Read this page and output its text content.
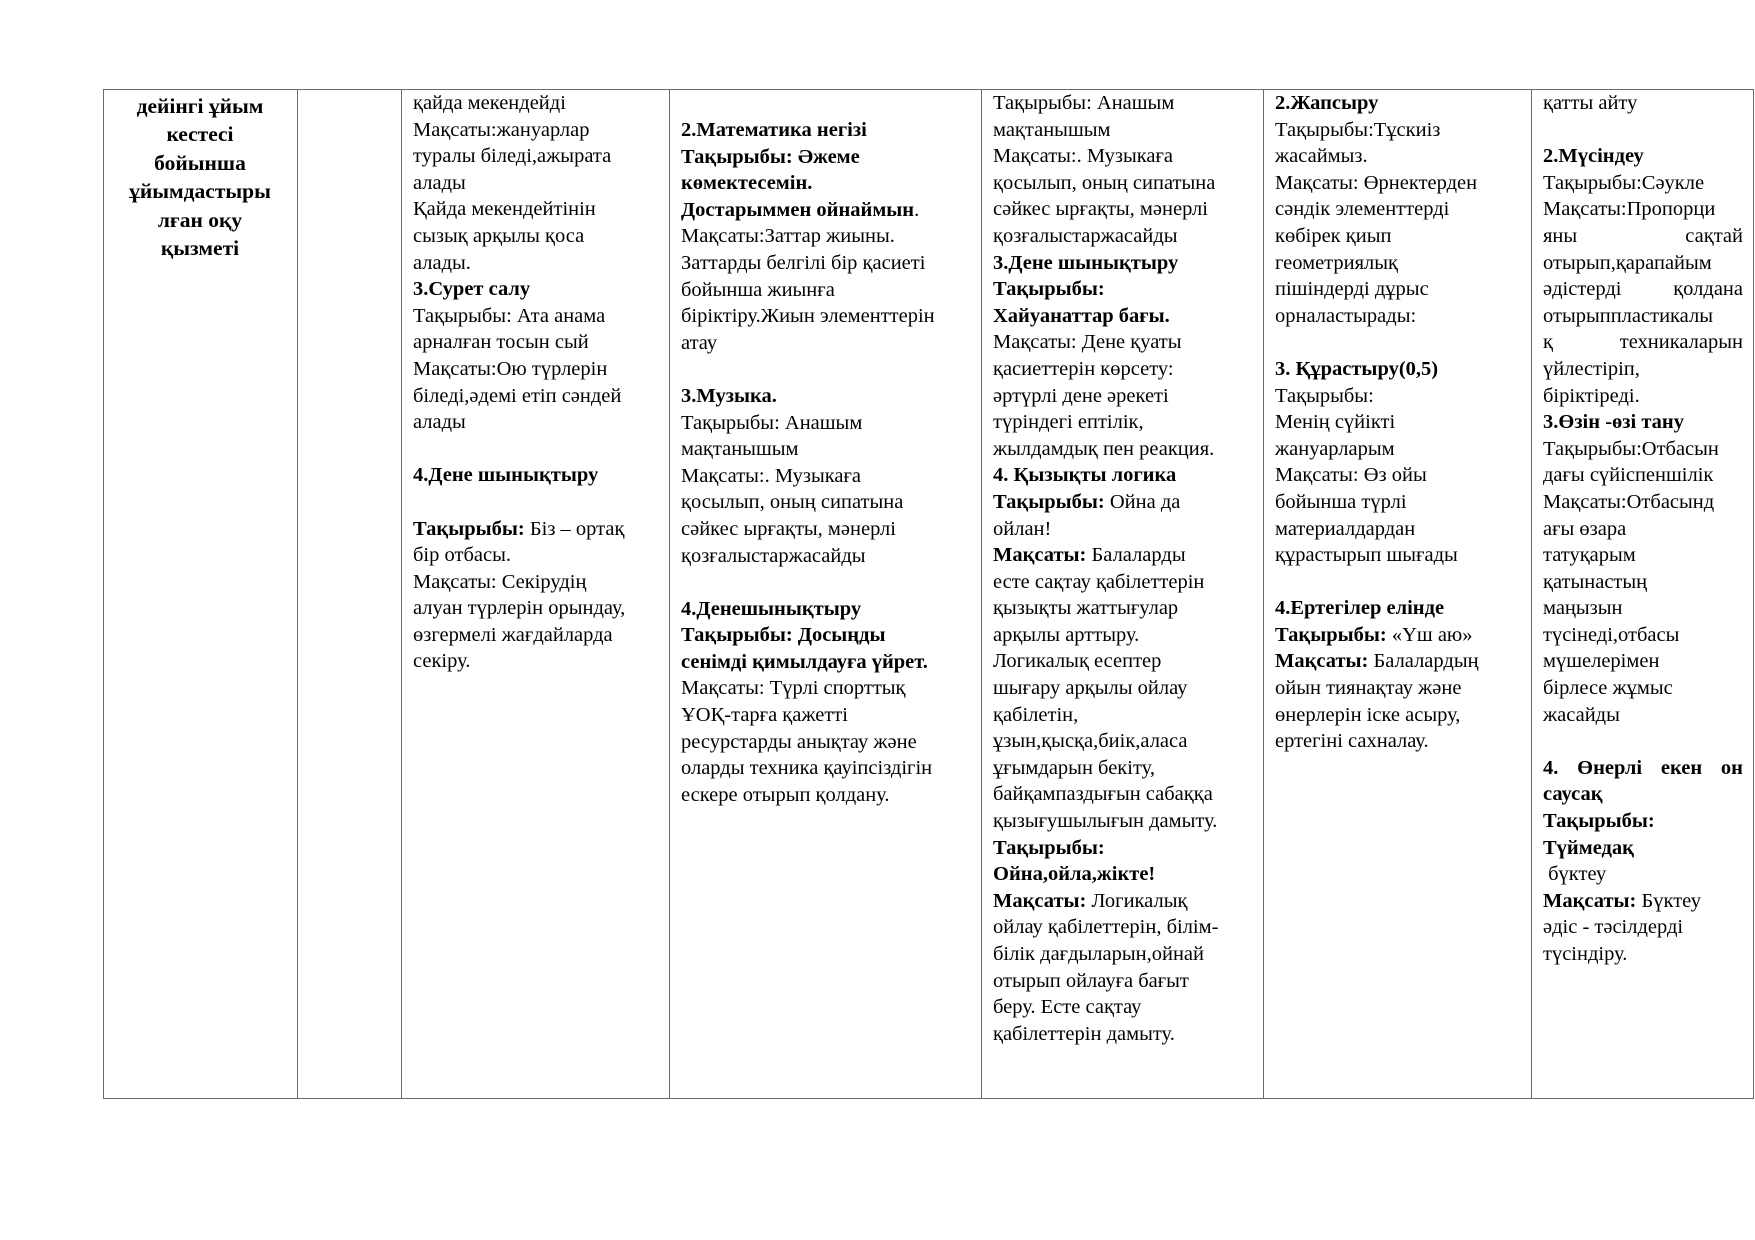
дейінгі ұйым
кестесі
бойынша
ұйымдастыры
лған оқу
қызметі
қайда мекендейді
Мақсаты:жануарлар
туралы біледі,ажырата
алады
Қайда мекендейтінін
сызық арқылы қоса
алады.
3.Сурет салу
Тақырыбы: Ата анама
арналған тосын сый
Мақсаты:Ою түрлерін
біледі,әдемі етіп сәндей
алады
4.Дене шынықтыру
Тақырыбы: Біз – ортақ
бір отбасы.
Мақсаты: Секірудің
алуан түрлерін орындау,
өзгермелі жағдайларда
секіру.
2.Математика негізі
Тақырыбы: Әжеме
көмектесемін.
Достарыммен ойнаймын.
Мақсаты:Заттар жиыны.
Заттарды белгілі бір қасиеті
бойынша жиынға
біріктіру.Жиын элементтерін
атау
3.Музыка.
Тақырыбы: Анашым
мақтанышым
Мақсаты:. Музыкаға
қосылып, оның сипатына
сәйкес ырғақты, мәнерлі
қозғалыстаржасайды
4.Денешынықтыру
Тақырыбы: Досыңды
сенімді қимылдауға үйрет.
Мақсаты: Түрлі спорттық
ҰОҚ-тарға қажетті
ресурстарды анықтау және
оларды техника қауіпсіздігін
ескере отырып қолдану.
Тақырыбы: Анашым
мақтанышым
Мақсаты:. Музыкаға
қосылып, оның сипатына
сәйкес ырғақты, мәнерлі
қозғалыстаржасайды
3.Дене шынықтыру
Тақырыбы:
Хайуанаттар бағы.
Мақсаты: Дене қуаты
қасиеттерін көрсету:
әртүрлі дене әрекеті
түріндегі ептілік,
жылдамдық пен реакция.
4. Қызықты логика
Тақырыбы: Ойна да
ойлан!
Мақсаты: Балаларды
есте сақтау қабілеттерін
қызықты жаттығулар
арқылы арттыру.
Логикалық есептер
шығару арқылы ойлау
қабілетін,
ұзын,қысқа,биік,аласа
ұғымдарын бекіту,
байқампаздығын сабаққа
қызығушылығын дамыту.
Тақырыбы:
Ойна,ойла,жікте!
Мақсаты: Логикалық
ойлау қабілеттерін, білім-
білік дағдыларын,ойнай
отырып ойлауға бағыт
беру. Есте сақтау
қабілеттерін дамыту.
2.Жапсыру
Тақырыбы:Тұскиіз
жасаймыз.
Мақсаты: Өрнектерден
сәндік элементтерді
көбірек қиып
геометриялық
пішіндерді дұрыс
орналастырады:
3. Құрастыру(0,5)
Тақырыбы:
Менің сүйікті
жануарларым
Мақсаты: Өз ойы
бойынша түрлі
материалдардан
құрастырып шығады
4.Ертегілер елінде
Тақырыбы: «Үш аю»
Мақсаты: Балалардың
ойын тиянақтау және
өнерлерін іске асыру,
ертегіні сахналау.
қатты айту
2.Мүсіндеу
Тақырыбы:Сәукле
Мақсаты:Пропорци
яны сақтай
отырып,қарапайым
әдістерді қолдана
отырыппластикалы
қ техникаларын
үйлестіріп,
біріктіреді.
3.Өзін -өзі тану
Тақырыбы:Отбасын
дағы сүйіспеншілік
Мақсаты:Отбасынд
ағы өзара
татуқарым
қатынастың
маңызын
түсінеді,отбасы
мүшелерімен
бірлесе жұмыс
жасайды
4. Өнерлі екен он
саусақ
Тақырыбы:
Түймедақ
бүктеу
Мақсаты: Бүктеу
әдіс - тәсілдерді
түсіндіру.
